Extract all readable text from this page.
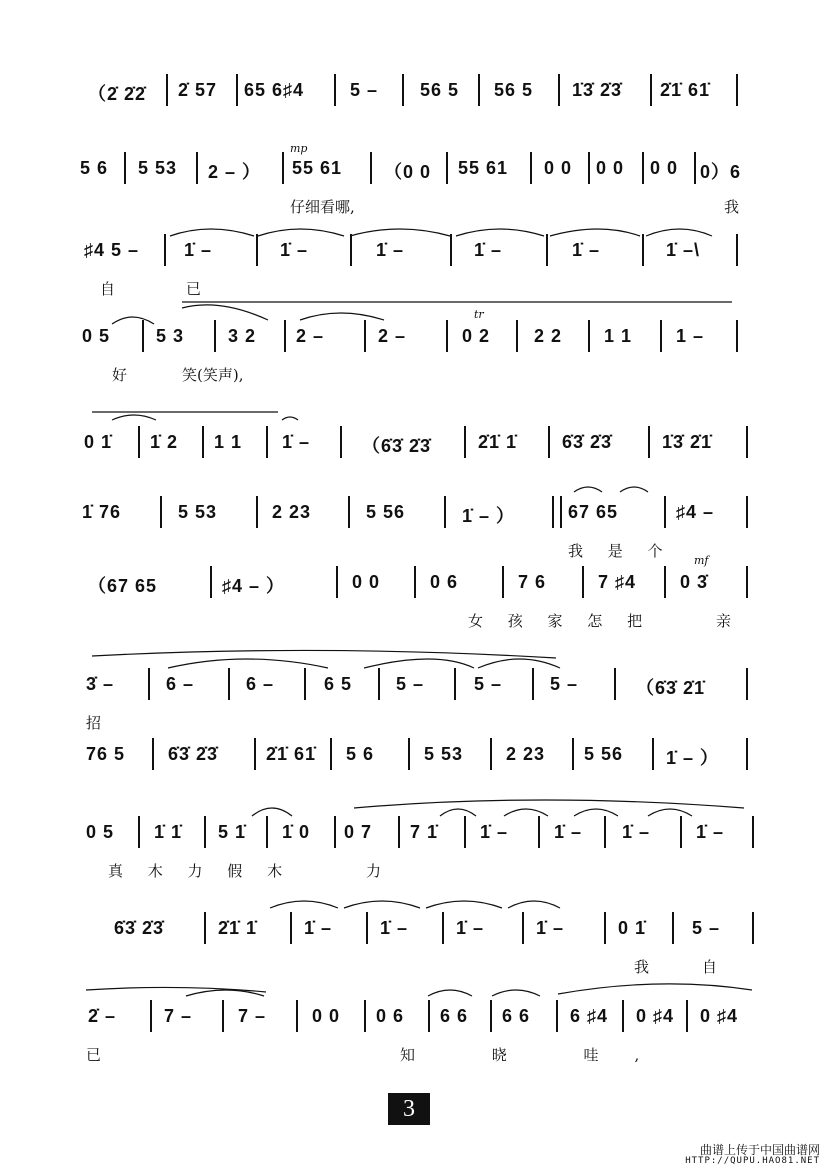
（2̇ 2̇2̇ 2̇ 57 65 6♯4	5 – 56 5 56 5 1̇3̇ 2̇3̇ 2̇1̇ 61̇
mp
5 6 5 53 2 – ） 55 61 （0 0 55 61 0 0 0 0 0 0 0）6
仔细看哪,	我
♯4 5 – 1̇ –	1̇ –	1̇ –	1̇ –	1̇ –	1̇ –\
自	已
tr
0 5	5 3 3 2 2 –	2 –	0 2 2 2 1 1 1 –
好	笑(笑声),
0 1̇ 1̇ 2 1 1 1̇ –	（6̇3̇ 2̇3̇	2̇1̇ 1̇ 6̇3̇ 2̇3̇	1̇3̇ 2̇1̇
1̇ 76	5 53	2 23	5 56	1̇ – ）	67 65	♯4 –
我 是 个
mf
（67 65	♯4 – ）	0 0	0 6	7 6	7 ♯4 0 3̇
女 孩 家 怎 把	亲
3̇ –	6 –	6 –	6 5 5 –	5 –	5 –	（6̇3̇ 2̇1̇
招
76 5 6̇3̇ 2̇3̇	2̇1̇ 61̇ 5 6	5 53 2 23 5 56 1̇ – ）
0 5 1̇ 1̇ 5 1̇ 1̇ 0 0 7 7 1̇ 1̇ –	1̇ – 1̇ –	1̇ –
真 木 力 假 木	力
6̇3̇ 2̇3̇	2̇1̇ 1̇	1̇ –	1̇ –	1̇ –	1̇ –	0 1̇	5 –
我	自
2̇ –	7 –	7 –	0 0 0 6 6 6 6 6 6 ♯4 0 ♯4 0 ♯4
已	知 晓 哇,
3
曲谱上传于中国曲谱网
HTTP://QUPU.HAO81.NET
